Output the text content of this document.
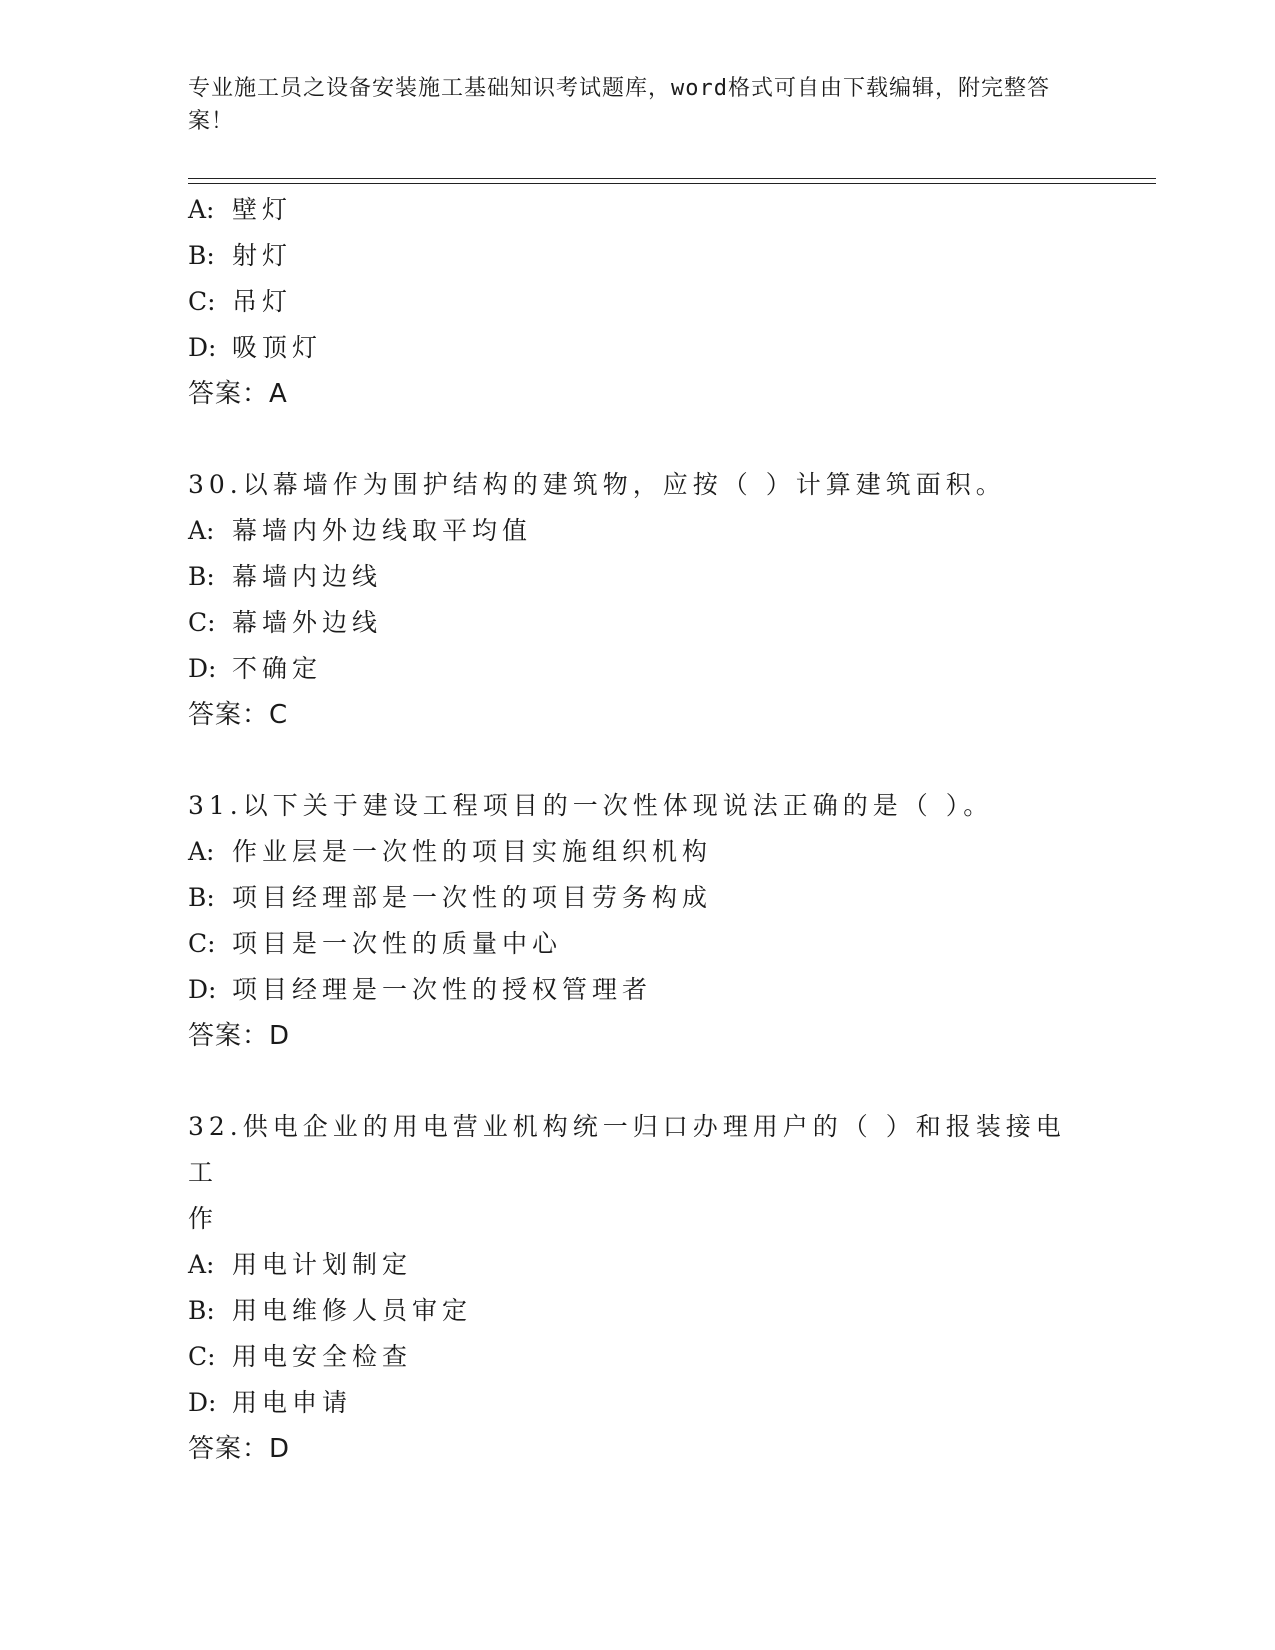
专业施工员之设备安装施工基础知识考试题库，word格式可自由下载编辑，附完整答案！
A: 壁灯
B: 射灯
C: 吊灯
D: 吸顶灯
答案：A
30.以幕墙作为围护结构的建筑物，应按（ ）计算建筑面积。
A: 幕墙内外边线取平均值
B: 幕墙内边线
C: 幕墙外边线
D: 不确定
答案：C
31.以下关于建设工程项目的一次性体现说法正确的是（ ）。
A: 作业层是一次性的项目实施组织机构
B: 项目经理部是一次性的项目劳务构成
C: 项目是一次性的质量中心
D: 项目经理是一次性的授权管理者
答案：D
32.供电企业的用电营业机构统一归口办理用户的（ ）和报装接电工
作
A: 用电计划制定
B: 用电维修人员审定
C: 用电安全检查
D: 用电申请
答案：D
